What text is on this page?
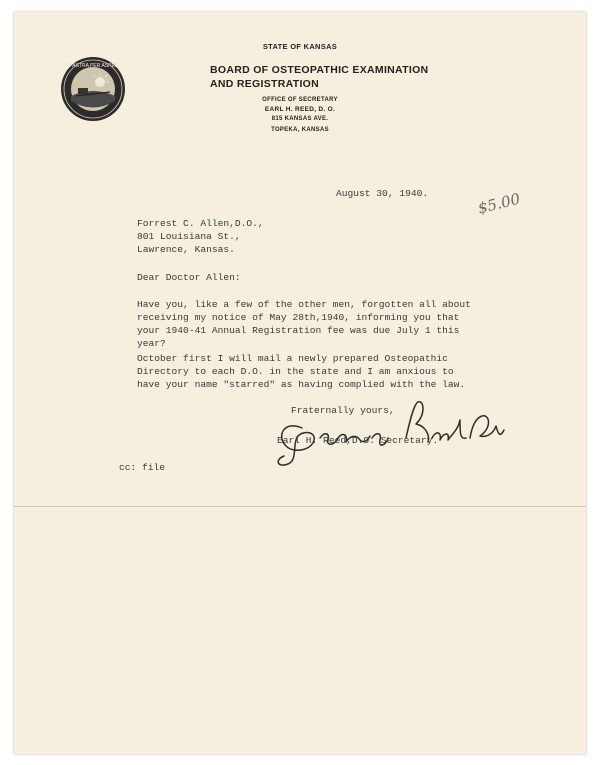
AD ASTRA PER ASPERA
STATE OF KANSAS
BOARD OF OSTEOPATHIC EXAMINATION
AND REGISTRATION
OFFICE OF SECRETARY
EARL H. REED, D. O.
815 KANSAS AVE.
TOPEKA, KANSAS
August 30, 1940.	$5.00
Forrest C. Allen,D.O.,
801 Louisiana St.,
Lawrence, Kansas.
Dear Doctor Allen:
Have you, like a few of the other men, forgotten all about
receiving my notice of May 28th,1940, informing you that
your 1940-41 Annual Registration fee was due July 1 this
year?
October first I will mail a newly prepared Osteopathic
Directory to each D.O. in the state and I am anxious to
have your name "starred" as having complied with the law.
Fraternally yours,
Earl H Reed D.O.
Earl H. Reed,D.O. Secretary.
cc: file
